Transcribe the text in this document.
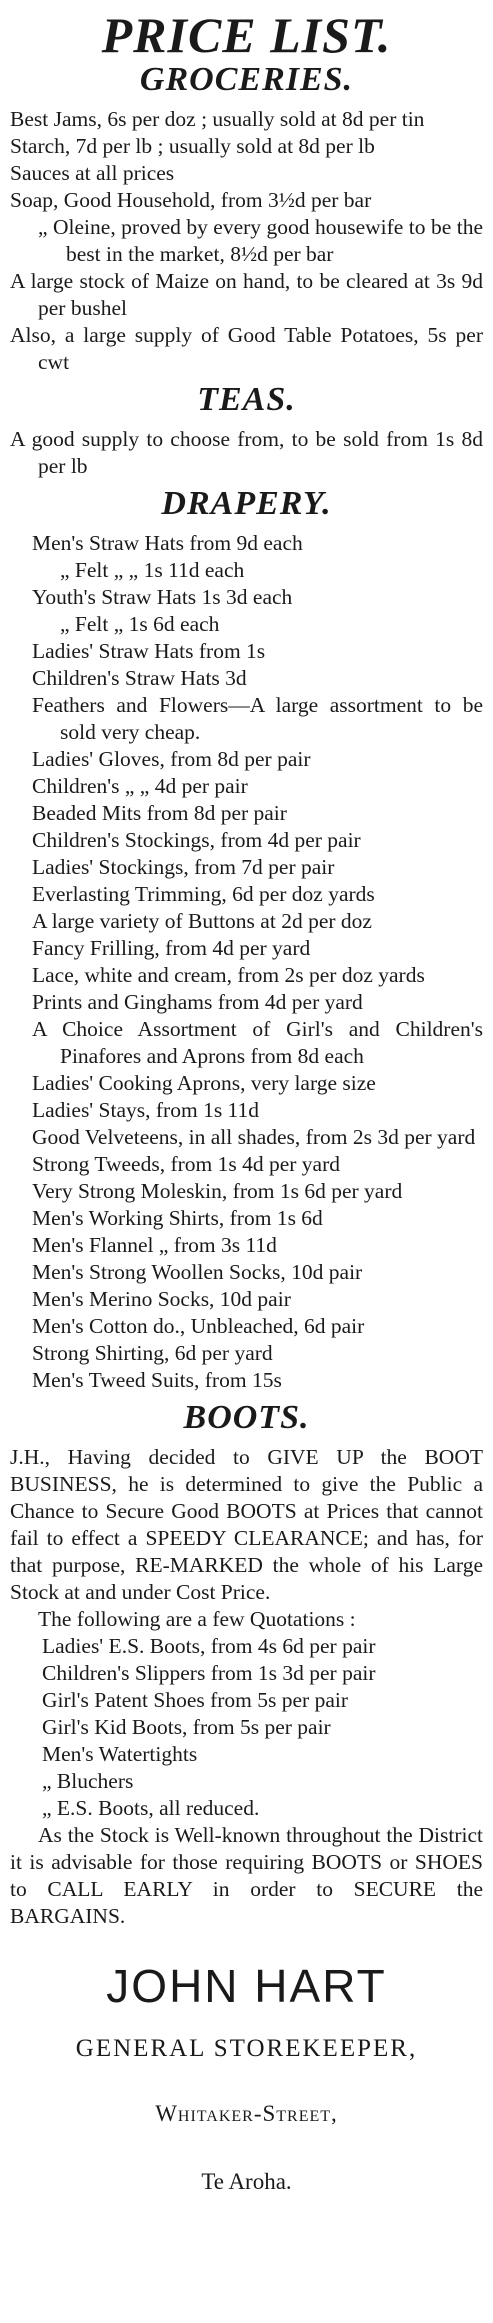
PRICE LIST.
GROCERIES.
Best Jams, 6s per doz ; usually sold at 8d per tin
Starch, 7d per lb ; usually sold at 8d per lb
Sauces at all prices
Soap, Good Household, from 3½d per bar
„ Oleine, proved by every good housewife to be the best in the market, 8½d per bar
A large stock of Maize on hand, to be cleared at 3s 9d per bushel
Also, a large supply of Good Table Potatoes, 5s per cwt
TEAS.
A good supply to choose from, to be sold from 1s 8d per lb
DRAPERY.
Men's Straw Hats from 9d each
„ Felt „ „ 1s 11d each
Youth's Straw Hats 1s 3d each
„ Felt „ 1s 6d each
Ladies' Straw Hats from 1s
Children's Straw Hats 3d
Feathers and Flowers—A large assortment to be sold very cheap.
Ladies' Gloves, from 8d per pair
Children's „ „ 4d per pair
Beaded Mits from 8d per pair
Children's Stockings, from 4d per pair
Ladies' Stockings, from 7d per pair
Everlasting Trimming, 6d per doz yards
A large variety of Buttons at 2d per doz
Fancy Frilling, from 4d per yard
Lace, white and cream, from 2s per doz yards
Prints and Ginghams from 4d per yard
A Choice Assortment of Girl's and Children's Pinafores and Aprons from 8d each
Ladies' Cooking Aprons, very large size
Ladies' Stays, from 1s 11d
Good Velveteens, in all shades, from 2s 3d per yard
Strong Tweeds, from 1s 4d per yard
Very Strong Moleskin, from 1s 6d per yard
Men's Working Shirts, from 1s 6d
Men's Flannel „ from 3s 11d
Men's Strong Woollen Socks, 10d pair
Men's Merino Socks, 10d pair
Men's Cotton do., Unbleached, 6d pair
Strong Shirting, 6d per yard
Men's Tweed Suits, from 15s
BOOTS.
J.H., Having decided to GIVE UP the BOOT BUSINESS, he is determined to give the Public a Chance to Secure Good BOOTS at Prices that cannot fail to effect a SPEEDY CLEARANCE; and has, for that purpose, RE-MARKED the whole of his Large Stock at and under Cost Price.
The following are a few Quotations :
Ladies' E.S. Boots, from 4s 6d per pair
Children's Slippers from 1s 3d per pair
Girl's Patent Shoes from 5s per pair
Girl's Kid Boots, from 5s per pair
Men's Watertights
„ Bluchers
„ E.S. Boots, all reduced.
As the Stock is Well-known throughout the District it is advisable for those requiring BOOTS or SHOES to CALL EARLY in order to SECURE the BARGAINS.
JOHN HART
GENERAL STOREKEEPER,
Whitaker-Street,
Te Aroha.
